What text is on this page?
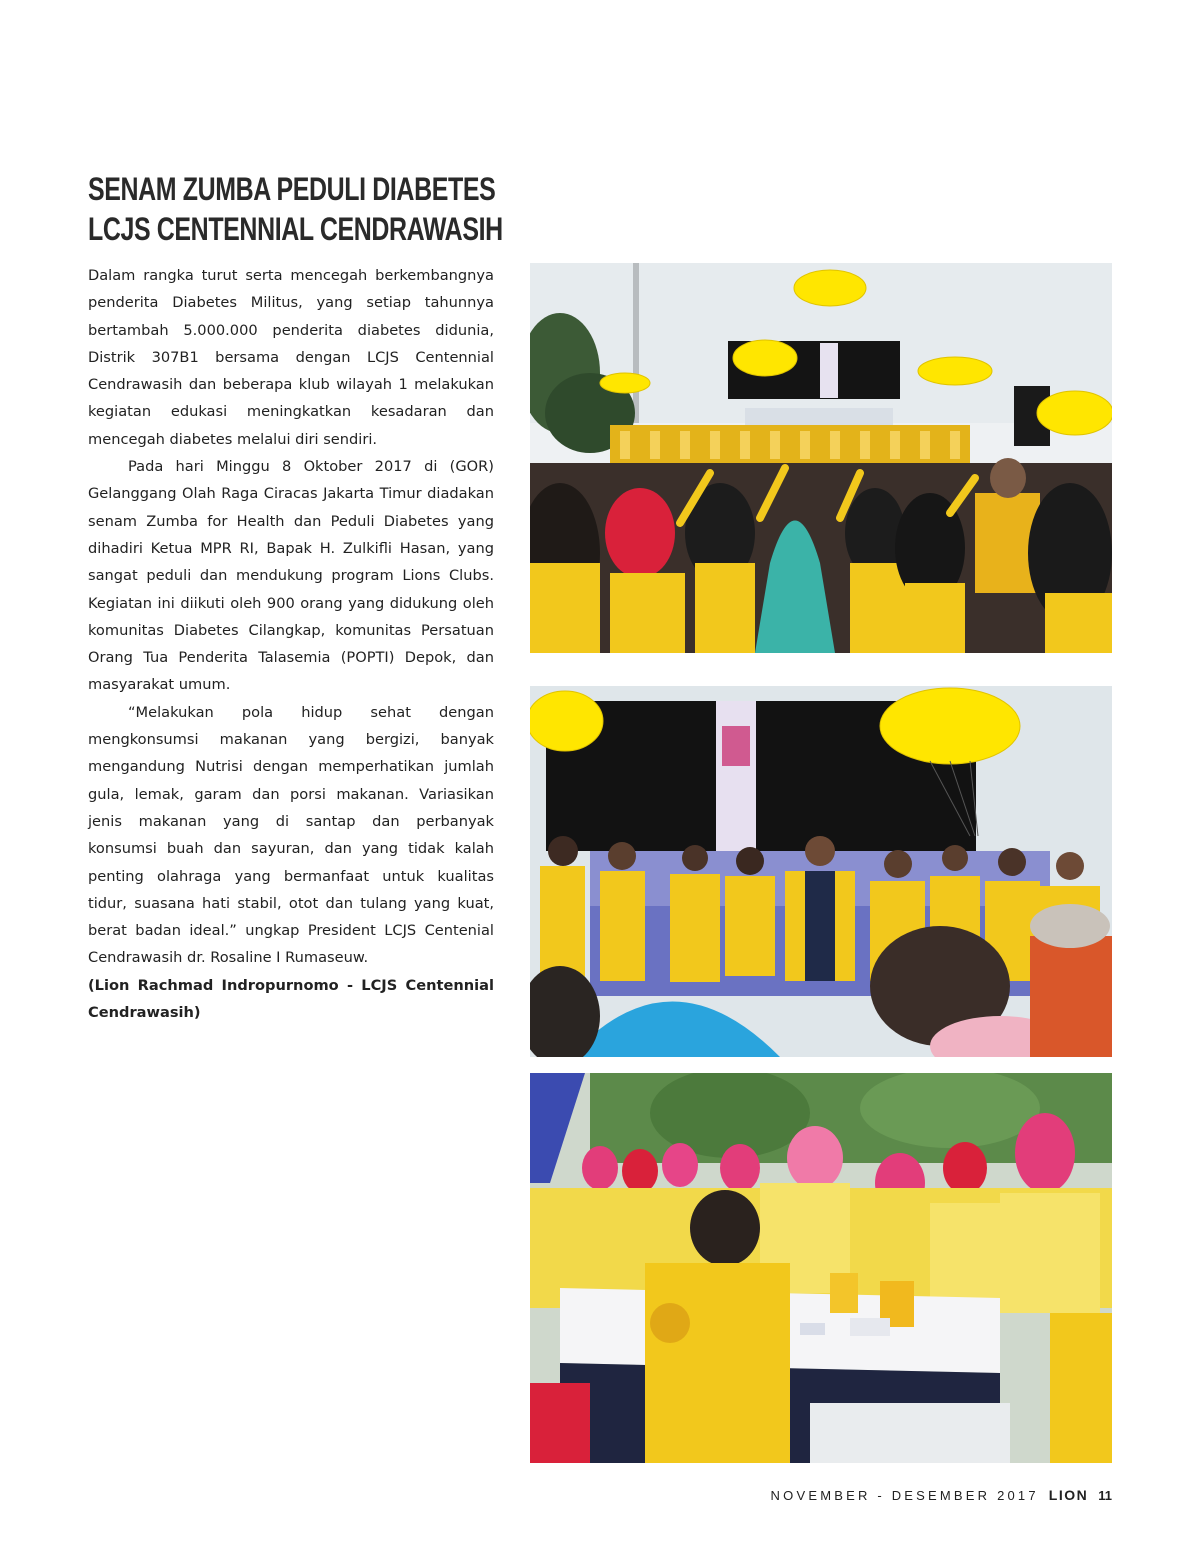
SENAM ZUMBA PEDULI DIABETES
LCJS CENTENNIAL CENDRAWASIH

Dalam rangka turut serta mencegah berkembangnya penderita Diabetes Militus, yang setiap tahunnya bertambah 5.000.000 penderita diabetes didunia, Distrik 307B1 bersama dengan LCJS Centennial Cendrawasih dan beberapa klub wilayah 1 melakukan kegiatan edukasi meningkatkan kesadaran dan mencegah diabetes melalui diri sendiri.

Pada hari Minggu 8 Oktober 2017 di (GOR) Gelanggang Olah Raga Ciracas Jakarta Timur diadakan senam Zumba for Health dan Peduli Diabetes yang dihadiri Ketua MPR RI, Bapak H. Zulkifli Hasan, yang sangat peduli dan mendukung program Lions Clubs. Kegiatan ini diikuti oleh 900 orang yang didukung oleh komunitas Diabetes Cilangkap, komunitas Persatuan Orang Tua Penderita Talasemia (POPTI) Depok, dan masyarakat umum.

“Melakukan pola hidup sehat dengan mengkonsumsi makanan yang bergizi, banyak mengandung Nutrisi dengan memperhatikan jumlah gula, lemak, garam dan porsi makanan. Variasikan jenis makanan yang di santap dan perbanyak konsumsi buah dan sayuran, dan yang tidak kalah penting olahraga yang bermanfaat untuk kualitas tidur, suasana hati stabil, otot dan tulang yang kuat, berat badan ideal.” ungkap President LCJS Centenial Cendrawasih dr. Rosaline I Rumaseuw.

(Lion Rachmad Indropurnomo - LCJS Centennial Cendrawasih)

NOVEMBER - DESEMBER 2017 LION 11
